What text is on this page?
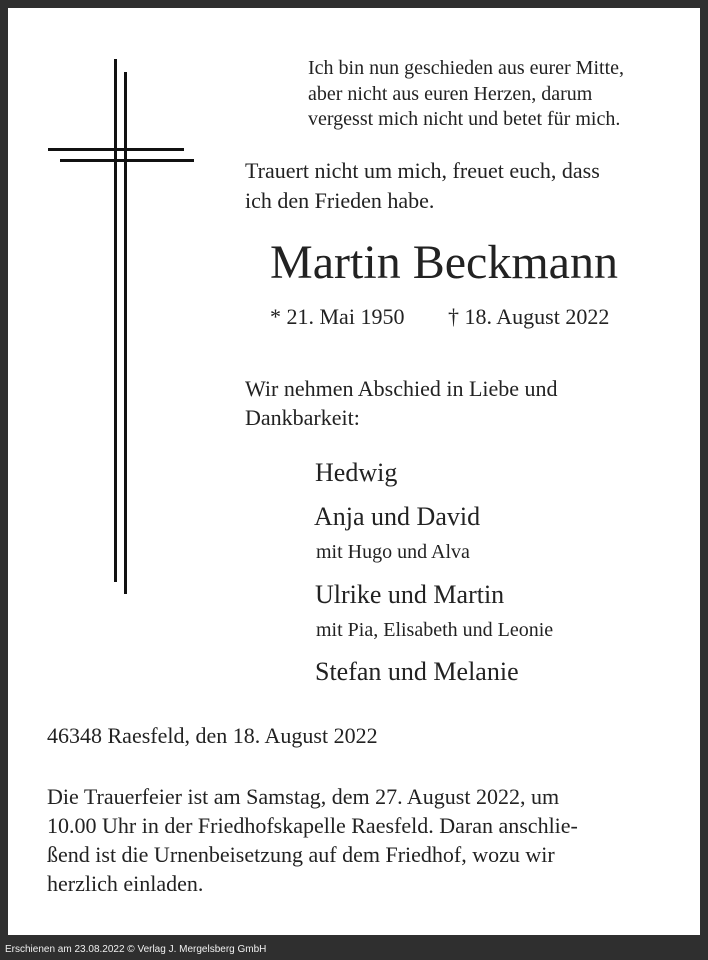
Ich bin nun geschieden aus eurer Mitte,
aber nicht aus euren Herzen, darum
vergesst mich nicht und betet für mich.
Trauert nicht um mich, freuet euch, dass
ich den Frieden habe.
Martin Beckmann
* 21. Mai 1950 † 18. August 2022
Wir nehmen Abschied in Liebe und
Dankbarkeit:
Hedwig
Anja und David
mit Hugo und Alva
Ulrike und Martin
mit Pia, Elisabeth und Leonie
Stefan und Melanie
46348 Raesfeld, den 18. August 2022
Die Trauerfeier ist am Samstag, dem 27. August 2022, um
10.00 Uhr in der Friedhofskapelle Raesfeld. Daran anschlie-
ßend ist die Urnenbeisetzung auf dem Friedhof, wozu wir
herzlich einladen.
Erschienen am 23.08.2022 © Verlag J. Mergelsberg GmbH
